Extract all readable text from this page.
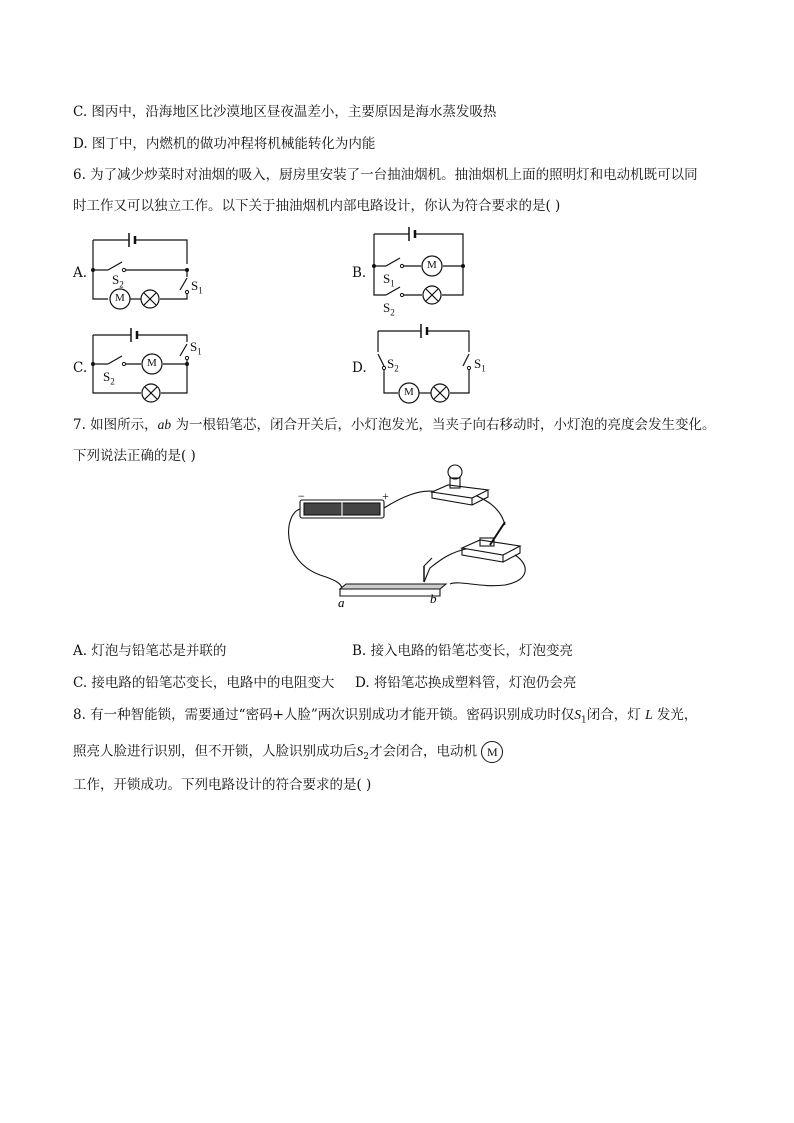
C. 图丙中，沿海地区比沙漠地区昼夜温差小，主要原因是海水蒸发吸热
D. 图丁中，内燃机的做功冲程将机械能转化为内能
6. 为了减少炒菜时对油烟的吸入，厨房里安装了一台抽油烟机。抽油烟机上面的照明灯和电动机既可以同
时工作又可以独立工作。以下关于抽油烟机内部电路设计，你认为符合要求的是( )
A. $S_2$	$S_1$
M
B. $S_1$
$S_2$
M
C.
$S_2$
$S_1$
M	D. $S_2$	$S_1$
M
7. 如图所示，ab 为一根铅笔芯，闭合开关后，小灯泡发光，当夹子向右移动时，小灯泡的亮度会发生变化。
下列说法正确的是( )
−	+
a	b
A. 灯泡与铅笔芯是并联的	B. 接入电路的铅笔芯变长，灯泡变亮
C. 接电路的铅笔芯变长，电路中的电阻变大 D. 将铅笔芯换成塑料管，灯泡仍会亮
8. 有一种智能锁，需要通过“密码+人脸”两次识别成功才能开锁。密码识别成功时仅$S_1$闭合，灯 L 发光，
照亮人脸进行识别，但不开锁，人脸识别成功后$S_2$才会闭合，电动机 M
工作，开锁成功。下列电路设计的符合要求的是( )
